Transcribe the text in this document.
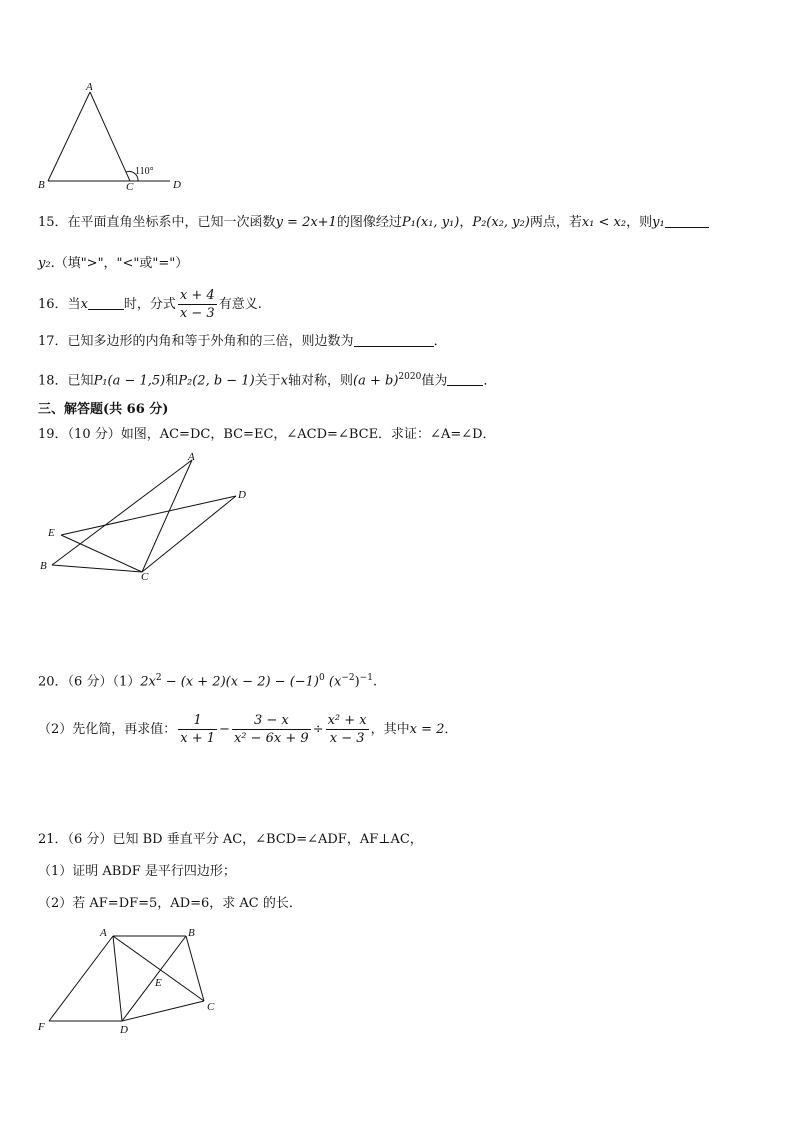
A
B	C	D
110°
15．在平面直角坐标系中，已知一次函数y = 2x+1的图像经过P₁(x₁, y₁)，P₂(x₂, y₂)两点，若x₁ < x₂，则y₁
y₂.（填">"，"<"或"="）
16．当x	时，分式 $\frac{x + 4}{x - 3}$ 有意义.
17．已知多边形的内角和等于外角和的三倍，则边数为	．
18．已知P₁(a − 1,5)和P₂(2, b − 1)关于x轴对称，则$(a + b)^{2020}$值为	．
三、解答题(共 66 分)
19．（10 分）如图，AC=DC，BC=EC，∠ACD=∠BCE．求证：∠A=∠D．
A
D
E
B
C
20．（6 分）$(1)2x^2 - (x + 2)(x - 2) - (-1)^0$ $(x^{-2})^{-1}$.
（2）先化简，再求值： $\frac{1}{x + 1} - \frac{3 - x}{\text{x² − 6x + 9}} \div \frac{\text{x² + x}}{x - 3}$ ，其中x = 2．
21．（6 分）已知 BD 垂直平分 AC，∠BCD=∠ADF，AF⊥AC，
（1）证明 ABDF 是平行四边形；
（2）若 AF=DF=5，AD=6，求 AC 的长．
A	B
E
C
F	D
